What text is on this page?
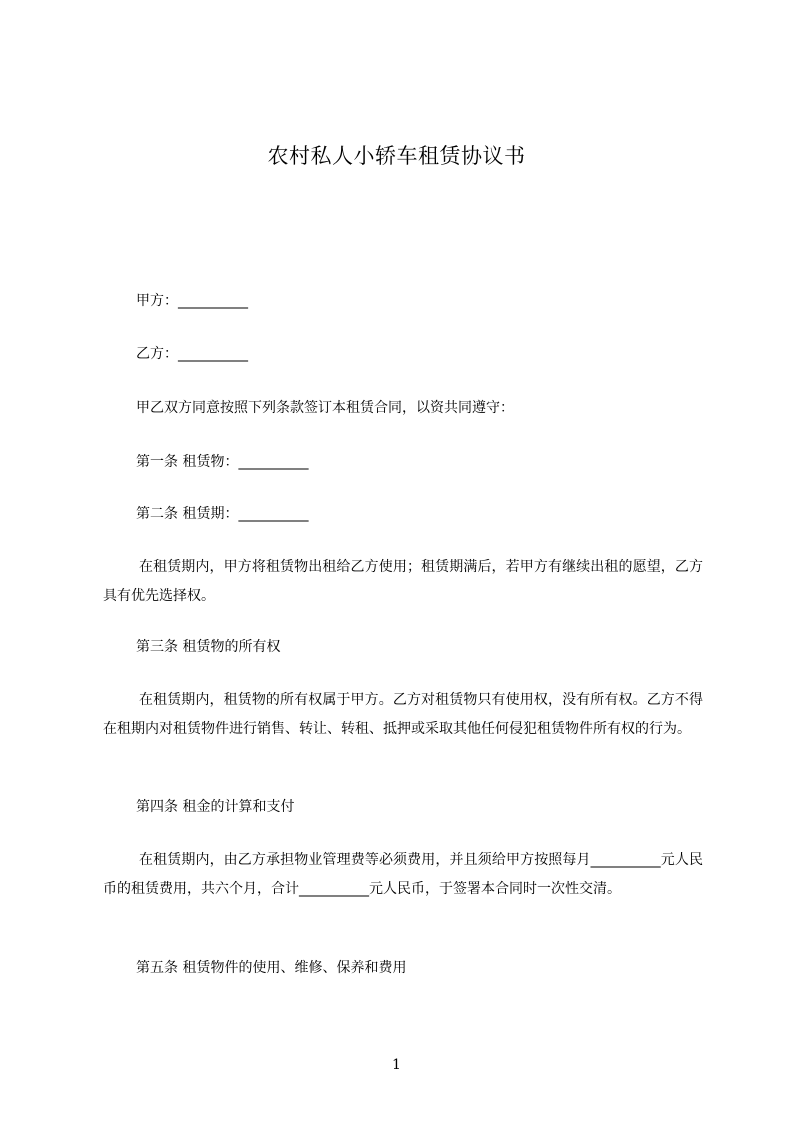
农村私人小轿车租赁协议书
甲方：__________
乙方：__________
甲乙双方同意按照下列条款签订本租赁合同，以资共同遵守：
第一条 租赁物：__________
第二条 租赁期：__________
在租赁期内，甲方将租赁物出租给乙方使用；租赁期满后，若甲方有继续出租的愿望，乙方具有优先选择权。
第三条 租赁物的所有权
在租赁期内，租赁物的所有权属于甲方。乙方对租赁物只有使用权，没有所有权。乙方不得在租期内对租赁物件进行销售、转让、转租、抵押或采取其他任何侵犯租赁物件所有权的行为。
第四条 租金的计算和支付
在租赁期内，由乙方承担物业管理费等必须费用，并且须给甲方按照每月__________元人民币的租赁费用，共六个月，合计__________元人民币，于签署本合同时一次性交清。
第五条 租赁物件的使用、维修、保养和费用
1
